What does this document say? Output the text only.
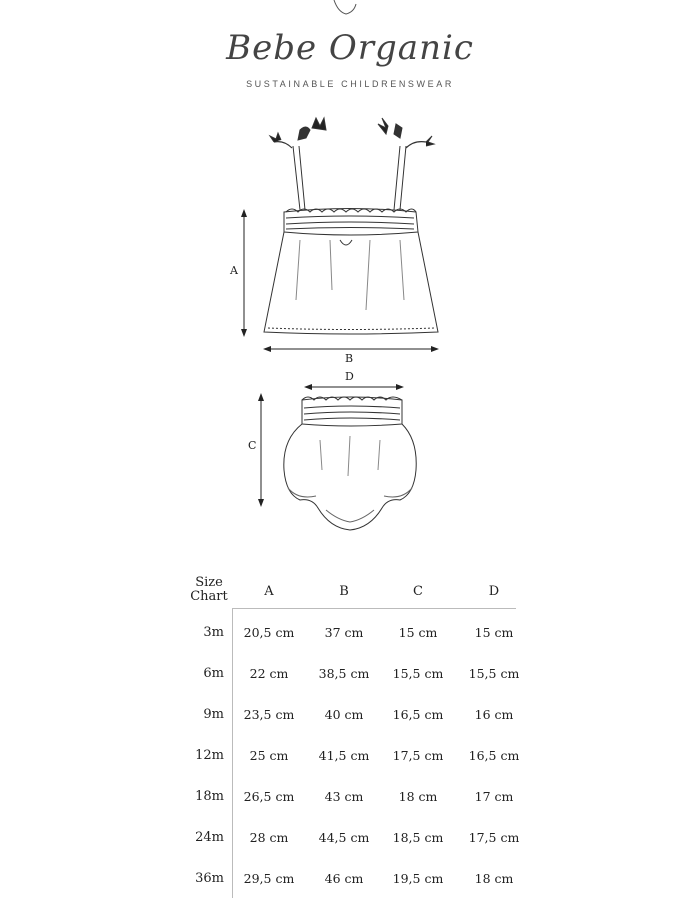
Bebe Organic
SUSTAINABLE CHILDRENSWEAR
A
B
D
C
Size
Chart	A	B	C	D
3m	20,5 cm	37 cm	15 cm	15 cm
6m	22 cm	38,5 cm	15,5 cm	15,5 cm
9m	23,5 cm	40 cm	16,5 cm	16 cm
12m	25 cm	41,5 cm	17,5 cm	16,5 cm
18m	26,5 cm	43 cm	18 cm	17 cm
24m	28 cm	44,5 cm	18,5 cm	17,5 cm
36m	29,5 cm	46 cm	19,5 cm	18 cm
